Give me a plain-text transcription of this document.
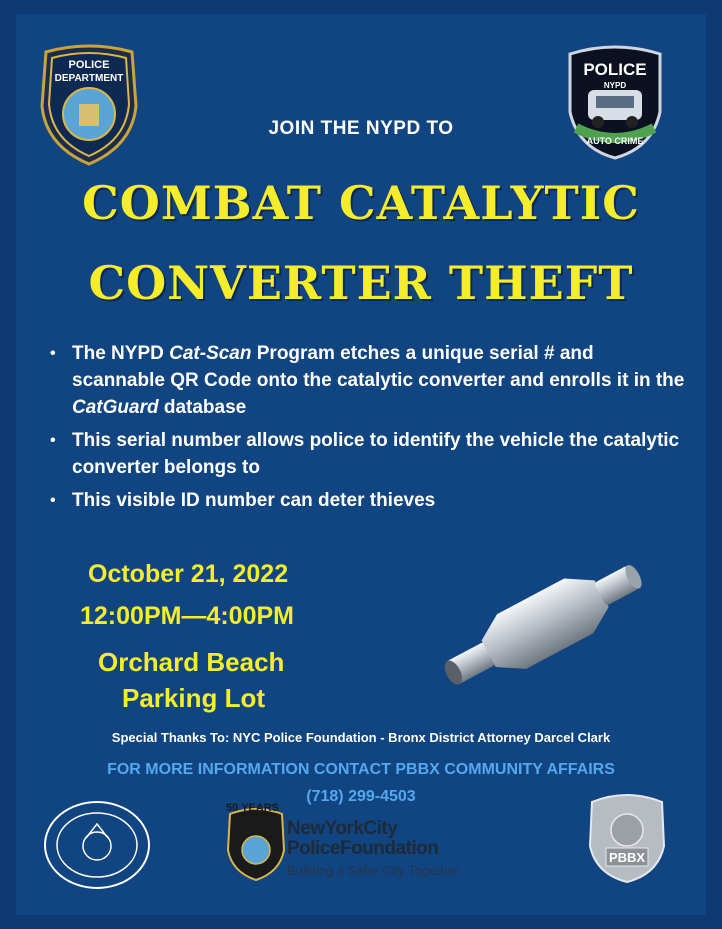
POLICE
DEPARTMENT	POLICE
NYPD
AUTO CRIME
JOIN THE NYPD TO
COMBAT CATALYTIC
CONVERTER THEFT
• The NYPD Cat-Scan Program etches a unique serial # and scannable QR Code onto the catalytic converter and enrolls it in the CatGuard database
• This serial number allows police to identify the vehicle the catalytic converter belongs to
• This visible ID number can deter thieves
October 21, 2022
12:00PM—4:00PM
Orchard Beach
Parking Lot
Special Thanks To: NYC Police Foundation - Bronx District Attorney Darcel Clark
FOR MORE INFORMATION CONTACT PBBX COMMUNITY AFFAIRS
(718) 299-4503
50 YEARS
NewYorkCity
PoliceFoundation
Building a Safer City Together
PBBX
